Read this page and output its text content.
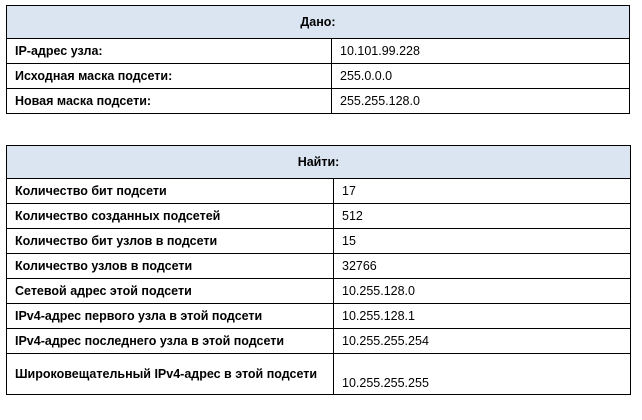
Дано:	
IP-адрес узла:	10.101.99.228
Исходная маска подсети:	255.0.0.0
Новая маска подсети:	255.255.128.0
Найти:	
Количество бит подсети	17
Количество созданных подсетей	512
Количество бит узлов в подсети	15
Количество узлов в подсети	32766
Сетевой адрес этой подсети	10.255.128.0
IPv4-адрес первого узла в этой подсети	10.255.128.1
IPv4-адрес последнего узла в этой подсети	10.255.255.254
Широковещательный IPv4-адрес в этой подсети	10.255.255.255
